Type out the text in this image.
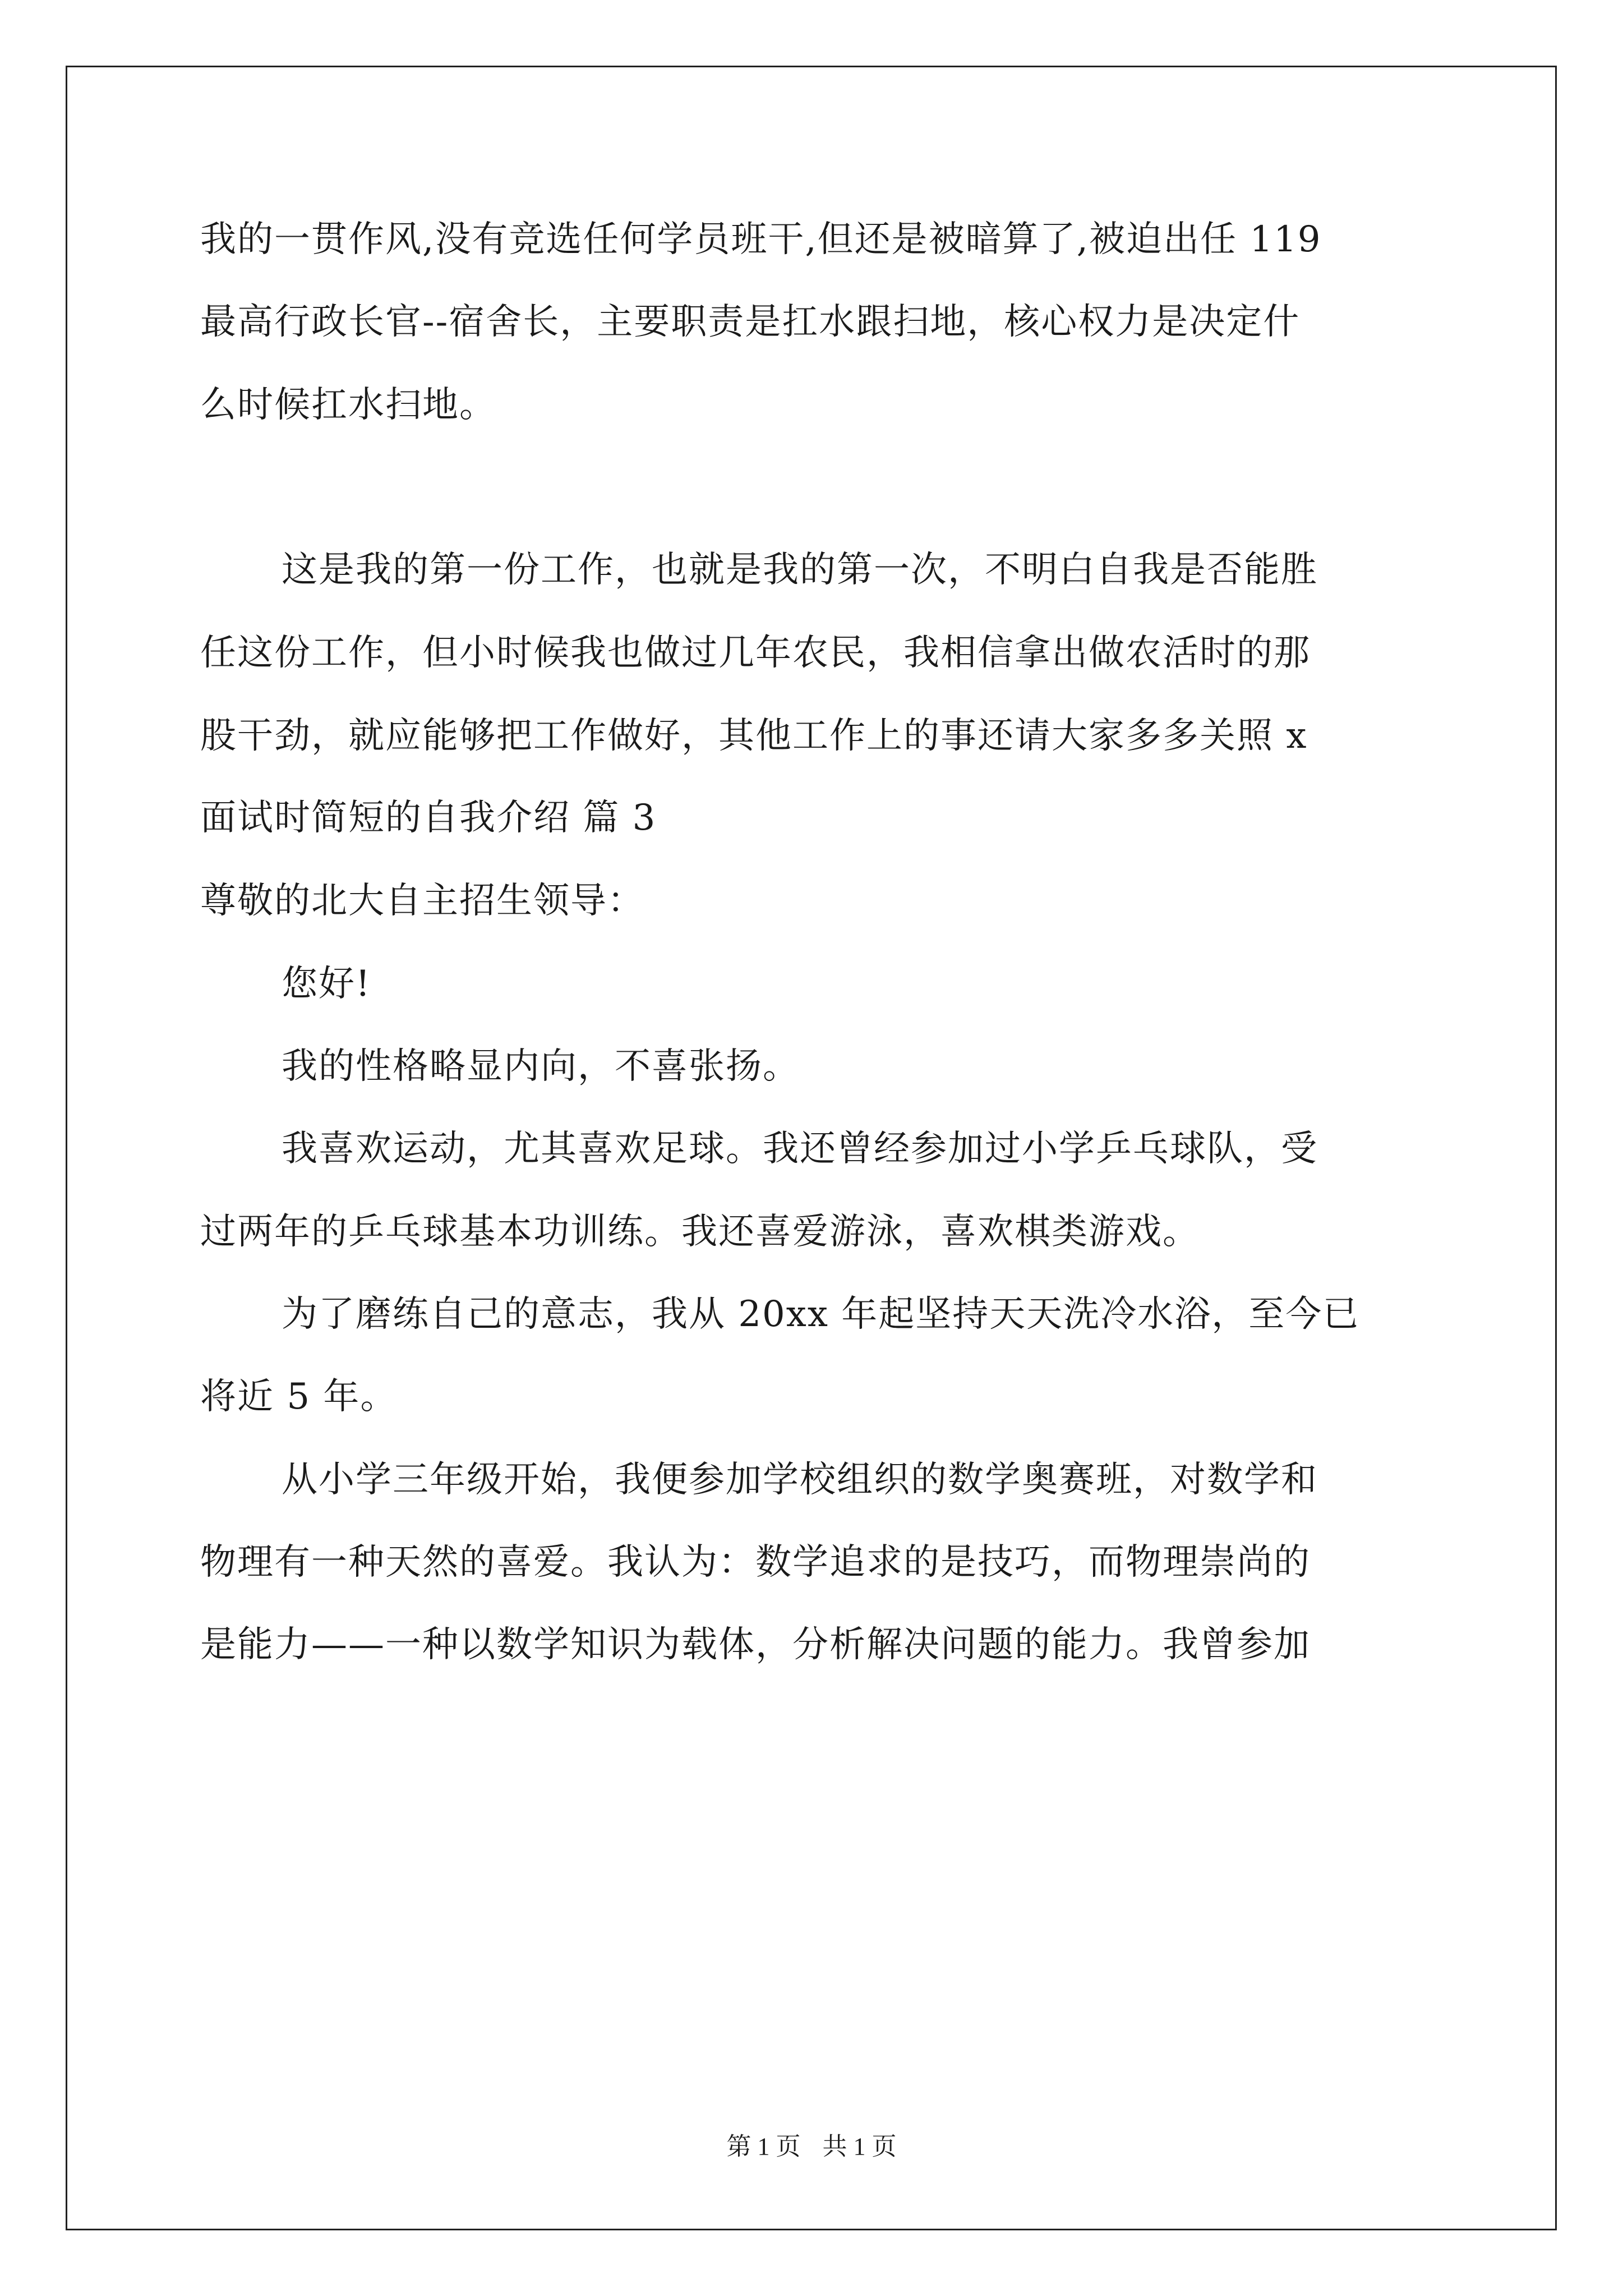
我的一贯作风,没有竞选任何学员班干,但还是被暗算了,被迫出任 119
最高行政长官--宿舍长，主要职责是扛水跟扫地，核心权力是决定什
么时候扛水扫地。
这是我的第一份工作，也就是我的第一次，不明白自我是否能胜
任这份工作，但小时候我也做过几年农民，我相信拿出做农活时的那
股干劲，就应能够把工作做好，其他工作上的事还请大家多多关照 x
面试时简短的自我介绍 篇 3
尊敬的北大自主招生领导：
您好!
我的性格略显内向，不喜张扬。
我喜欢运动，尤其喜欢足球。我还曾经参加过小学乒乓球队，受
过两年的乒乓球基本功训练。我还喜爱游泳，喜欢棋类游戏。
为了磨练自己的意志，我从 20xx 年起坚持天天洗冷水浴，至今已
将近 5 年。
从小学三年级开始，我便参加学校组织的数学奥赛班，对数学和
物理有一种天然的喜爱。我认为：数学追求的是技巧，而物理崇尚的
是能力——一种以数学知识为载体，分析解决问题的能力。我曾参加
第 1 页 共 1 页
